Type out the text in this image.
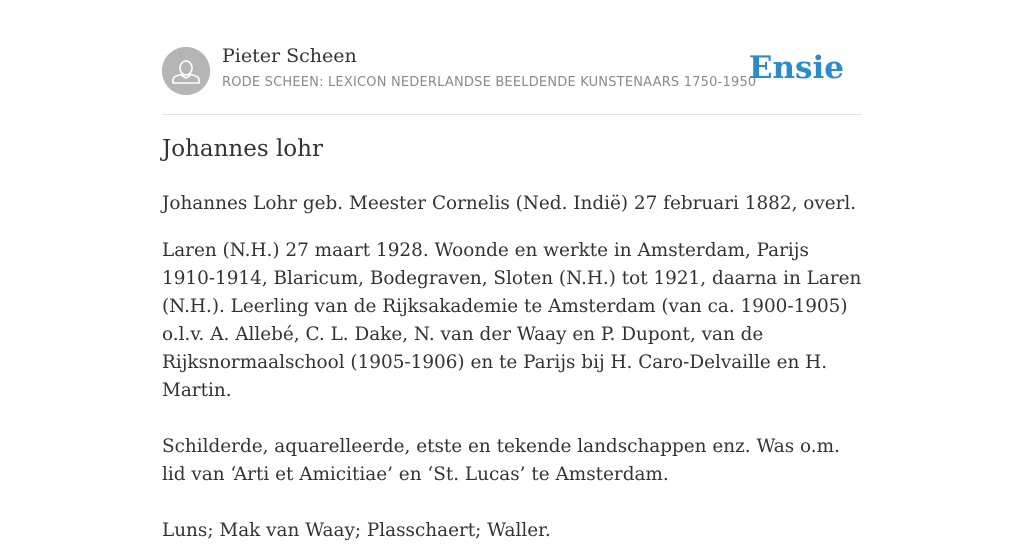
Pieter Scheen
RODE SCHEEN: LEXICON NEDERLANDSE BEELDENDE KUNSTENAARS 1750-1950
Ensie
Johannes lohr

Johannes Lohr geb. Meester Cornelis (Ned. Indië) 27 februari 1882, overl.

Laren (N.H.) 27 maart 1928. Woonde en werkte in Amsterdam, Parijs 1910-1914, Blaricum, Bodegraven, Sloten (N.H.) tot 1921, daarna in Laren (N.H.). Leerling van de Rijksakademie te Amsterdam (van ca. 1900-1905) o.l.v. A. Allebé, C. L. Dake, N. van der Waay en P. Dupont, van de Rijksnormaalschool (1905-1906) en te Parijs bij H. Caro-Delvaille en H. Martin.

Schilderde, aquarelleerde, etste en tekende landschappen enz. Was o.m. lid van ‘Arti et Amicitiae’ en ‘St. Lucas’ te Amsterdam.

Luns; Mak van Waay; Plasschaert; Waller.
